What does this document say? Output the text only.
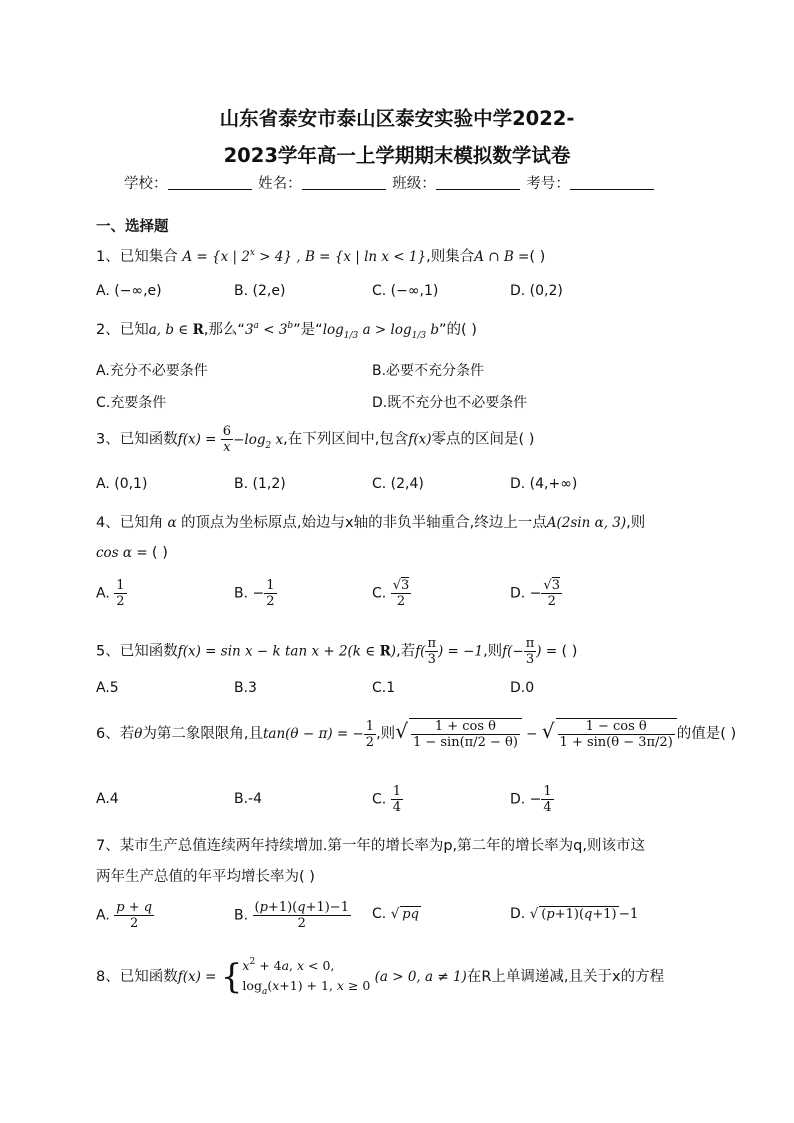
山东省泰安市泰山区泰安实验中学2022-
2023学年高一上学期期末模拟数学试卷
学校：	姓名：	班级：	考号：
一、选择题
1、已知集合 A = {x | $2^x > 4$} , B = {x | ln x < 1},则集合A ∩ B =( )
A. (−∞,e)	B. (2,e)	C. (−∞,1)	D. (0,2)
2、已知a, b ∈ R,那么“$3^a < 3^b$”是“$\log_{1/3}$ $a > \log_{1/3} b$”的( )
A.充分不必要条件	B.必要不充分条件
C.充要条件	D.既不充分也不必要条件
3、已知函数$f(x) = \frac{6}{x} -\log_2$ x,在下列区间中,包含f(x)零点的区间是( )
A. (0,1)	B. (1,2)	C. (2,4)	D. (4,+∞)
4、已知角 α 的顶点为坐标原点,始边与x轴的非负半轴重合,终边上一点A(2sin α, 3),则
cos α = ( )
A. $\frac{1}{2}$	B. − $\frac{1}{2}$	C. $\frac{√3}{2}$	D. − $\frac{√3}{2}$
5、已知函数f(x) = sin x − k tan x + 2(k ∈ R),若$f( \frac{\pi}{3}$ ) = −1,则$f(- \frac{\pi}{3}$ ) = ( )
A.5	B.3	C.1	D.0
6、若θ为第二象限限角,且tan(θ − π) = − $\frac{1}{2}$ ,则√ $\frac{\text{1 + cos θ}}{1 - \sin(\pi/2 - \theta)}$ − √ $\frac{\text{1 − cos θ}}{1 + \sin(\theta - 3\pi/2)}$ 的值是( )
A.4	B.-4	C. $\frac{1}{4}$	D. − $\frac{1}{4}$
7、某市生产总值连续两年持续增加.第一年的增长率为p,第二年的增长率为q,则该市这
两年生产总值的年平均增长率为( )
A. $\frac{p + q}{2}$	B. $\frac{(p+1)(q+1)-1}{2} C$. √ pq	D. √ (p+1)(q+1) −1
8、已知函数$f(x) = \{x^2 + 4a$, x < 0,
$\log_a(x+1) + 1$, x ≥ 0 (a > 0, a ≠ 1)在R上单调递减,且关于x的方程
